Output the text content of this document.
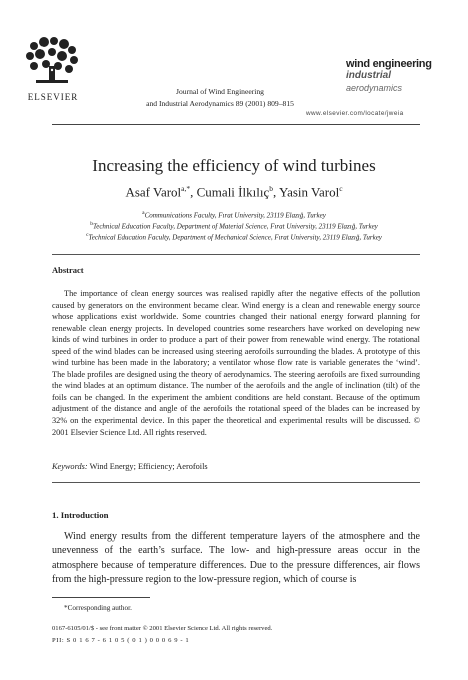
ELSEVIER
Journal of Wind Engineering
and Industrial Aerodynamics 89 (2001) 809–815
wind engineering
industrial
aerodynamics
www.elsevier.com/locate/jweia
Increasing the efficiency of wind turbines
Asaf Varol$^{a,*}$, Cumali İlkılıç$^b$, Yasin Varol$^c$
$^a$Communications Faculty, Fırat University, 23119 Elazığ, Turkey
$^b$Technical Education Faculty, Department of Material Science, Fırat University, 23119 Elazığ, Turkey
$^c$Technical Education Faculty, Department of Mechanical Science, Fırat University, 23119 Elazığ, Turkey
Abstract
The importance of clean energy sources was realised rapidly after the negative effects of the pollution caused by generators on the environment became clear. Wind energy is a clean and renewable energy source whose applications exist worldwide. Some countries changed their national energy forward planning for renewable clean energy projects. In developed countries some researchers have worked on developing new kinds of wind turbines in order to produce a part of their power from renewable wind energy. The rotational speed of the wind blades can be increased using steering aerofoils surrounding the blades. A prototype of this wind turbine has been made in the laboratory; a ventilator whose flow rate is variable generates the ‘wind’. The blade profiles are designed using the theory of aerodynamics. The steering aerofoils are fixed surrounding the wind blades at an optimum distance. The number of the aerofoils and the angle of inclination (tilt) of the foils can be changed. In the experiment the ambient conditions are held constant. Because of the optimum adjustment of the distance and angle of the aerofoils the rotational speed of the blades can be increased by 32% on the experimental device. In this paper the theoretical and experimental results will be discussed. © 2001 Elsevier Science Ltd. All rights reserved.
Keywords: Wind Energy; Efficiency; Aerofoils
1. Introduction
Wind energy results from the different temperature layers of the atmosphere and the unevenness of the earth’s surface. The low- and high-pressure areas occur in the atmosphere because of temperature differences. Due to the pressure differences, air flows from the high-pressure region to the low-pressure region, which of course is
*Corresponding author.
0167-6105/01/$ - see front matter © 2001 Elsevier Science Ltd. All rights reserved.
PII: S 0 1 6 7 - 6 1 0 5 ( 0 1 ) 0 0 0 6 9 - 1
